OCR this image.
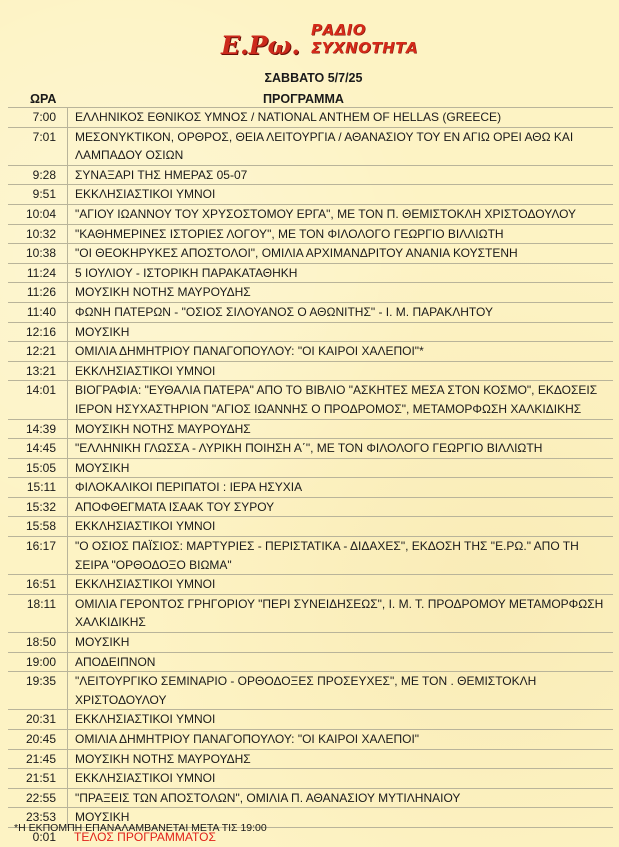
Ε.Ρω.
ΡΑΔΙΟ
ΣΥΧΝΟΤΗΤΑ
ΣΑΒΒΑΤΟ 5/7/25
ΩΡΑ	ΠΡΟΓΡΑΜΜΑ
7:00	ΕΛΛΗΝΙΚΟΣ ΕΘΝΙΚΟΣ ΥΜΝΟΣ / NATIONAL ANTHEM OF HELLAS (GREECE)
7:01	ΜΕΣΟΝΥΚΤΙΚΟΝ, ΟΡΘΡΟΣ, ΘΕΙΑ ΛΕΙΤΟΥΡΓΙΑ / ΑΘΑΝΑΣΙΟΥ ΤΟΥ ΕΝ ΑΓΙΩ ΟΡΕΙ ΑΘΩ ΚΑΙ ΛΑΜΠΑΔΟΥ ΟΣΙΩΝ
9:28	ΣΥΝΑΞΑΡΙ ΤΗΣ ΗΜΕΡΑΣ 05-07
9:51	ΕΚΚΛΗΣΙΑΣΤΙΚΟΙ ΥΜΝΟΙ
10:04	"ΑΓΙΟΥ ΙΩΑΝΝΟΥ ΤΟΥ ΧΡΥΣΟΣΤΟΜΟΥ ΕΡΓΑ", ΜΕ ΤΟΝ Π. ΘΕΜΙΣΤΟΚΛΗ ΧΡΙΣΤΟΔΟΥΛΟΥ
10:32	"ΚΑΘΗΜΕΡΙΝΕΣ ΙΣΤΟΡΙΕΣ ΛΟΓΟΥ", ΜΕ ΤΟΝ ΦΙΛΟΛΟΓΟ ΓΕΩΡΓΙΟ ΒΙΛΛΙΩΤΗ
10:38	"ΟΙ ΘΕΟΚΗΡΥΚΕΣ ΑΠΟΣΤΟΛΟΙ", ΟΜΙΛΙΑ ΑΡΧΙΜΑΝΔΡΙΤΟΥ ΑΝΑΝΙΑ ΚΟΥΣΤΕΝΗ
11:24	5 ΙΟΥΛΙΟΥ - ΙΣΤΟΡΙΚΗ ΠΑΡΑΚΑΤΑΘΗΚΗ
11:26	ΜΟΥΣΙΚΗ ΝΟΤΗΣ ΜΑΥΡΟΥΔΗΣ
11:40	ΦΩΝΗ ΠΑΤΕΡΩΝ - "ΟΣΙΟΣ ΣΙΛΟΥΑΝΟΣ Ο ΑΘΩΝΙΤΗΣ" - Ι. Μ. ΠΑΡΑΚΛΗΤΟΥ
12:16	ΜΟΥΣΙΚΗ
12:21	ΟΜΙΛΙΑ ΔΗΜΗΤΡΙΟΥ ΠΑΝΑΓΟΠΟΥΛΟΥ: "ΟΙ ΚΑΙΡΟΙ ΧΑΛΕΠΟΙ"*
13:21	ΕΚΚΛΗΣΙΑΣΤΙΚΟΙ ΥΜΝΟΙ
14:01	ΒΙΟΓΡΑΦΙΑ: "ΕΥΘΑΛΙΑ ΠΑΤΕΡΑ" ΑΠΟ ΤΟ ΒΙΒΛΙΟ "ΑΣΚΗΤΕΣ ΜΕΣΑ ΣΤΟΝ ΚΟΣΜΟ", ΕΚΔΟΣΕΙΣ ΙΕΡΟΝ ΗΣΥΧΑΣΤΗΡΙΟΝ "ΑΓΙΟΣ ΙΩΑΝΝΗΣ Ο ΠΡΟΔΡΟΜΟΣ", ΜΕΤΑΜΟΡΦΩΣΗ ΧΑΛΚΙΔΙΚΗΣ
14:39	ΜΟΥΣΙΚΗ ΝΟΤΗΣ ΜΑΥΡΟΥΔΗΣ
14:45	"ΕΛΛΗΝΙΚΗ ΓΛΩΣΣΑ - ΛΥΡΙΚΗ ΠΟΙΗΣΗ Α΄", ΜΕ ΤΟΝ ΦΙΛΟΛΟΓΟ ΓΕΩΡΓΙΟ ΒΙΛΛΙΩΤΗ
15:05	ΜΟΥΣΙΚΗ
15:11	ΦΙΛΟΚΑΛΙΚΟΙ ΠΕΡΙΠΑΤΟΙ : ΙΕΡΑ ΗΣΥΧΙΑ
15:32	ΑΠΟΦΘΕΓΜΑΤΑ ΙΣΑΑΚ ΤΟΥ ΣΥΡΟΥ
15:58	ΕΚΚΛΗΣΙΑΣΤΙΚΟΙ ΥΜΝΟΙ
16:17	"Ο ΟΣΙΟΣ ΠΑΪΣΙΟΣ: ΜΑΡΤΥΡΙΕΣ - ΠΕΡΙΣΤΑΤΙΚΑ - ΔΙΔΑΧΕΣ", ΕΚΔΟΣΗ ΤΗΣ "Ε.ΡΩ." ΑΠΟ ΤΗ ΣΕΙΡΑ "ΟΡΘΟΔΟΞΟ ΒΙΩΜΑ"
16:51	ΕΚΚΛΗΣΙΑΣΤΙΚΟΙ ΥΜΝΟΙ
18:11	ΟΜΙΛΙΑ ΓΕΡΟΝΤΟΣ ΓΡΗΓΟΡΙΟΥ "ΠΕΡΙ ΣΥΝΕΙΔΗΣΕΩΣ", Ι. Μ. Τ. ΠΡΟΔΡΟΜΟΥ ΜΕΤΑΜΟΡΦΩΣΗ ΧΑΛΚΙΔΙΚΗΣ
18:50	ΜΟΥΣΙΚΗ
19:00	ΑΠΟΔΕΙΠΝΟΝ
19:35	"ΛΕΙΤΟΥΡΓΙΚΟ ΣΕΜΙΝΑΡΙΟ - ΟΡΘΟΔΟΞΕΣ ΠΡΟΣΕΥΧΕΣ", ΜΕ ΤΟΝ . ΘΕΜΙΣΤΟΚΛΗ ΧΡΙΣΤΟΔΟΥΛΟΥ
20:31	ΕΚΚΛΗΣΙΑΣΤΙΚΟΙ ΥΜΝΟΙ
20:45	ΟΜΙΛΙΑ ΔΗΜΗΤΡΙΟΥ ΠΑΝΑΓΟΠΟΥΛΟΥ: "ΟΙ ΚΑΙΡΟΙ ΧΑΛΕΠΟΙ"
21:45	ΜΟΥΣΙΚΗ ΝΟΤΗΣ ΜΑΥΡΟΥΔΗΣ
21:51	ΕΚΚΛΗΣΙΑΣΤΙΚΟΙ ΥΜΝΟΙ
22:55	"ΠΡΑΞΕΙΣ ΤΩΝ ΑΠΟΣΤΟΛΩΝ", ΟΜΙΛΙΑ Π. ΑΘΑΝΑΣΙΟΥ ΜΥΤΙΛΗΝΑΙΟΥ
23:53	ΜΟΥΣΙΚΗ
0:01	ΤΕΛΟΣ ΠΡΟΓΡΑΜΜΑΤΟΣ
*Η ΕΚΠΟΜΠΗ ΕΠΑΝΑΛΑΜΒΑΝΕΤΑΙ ΜΕΤΑ ΤΙΣ 19:00
